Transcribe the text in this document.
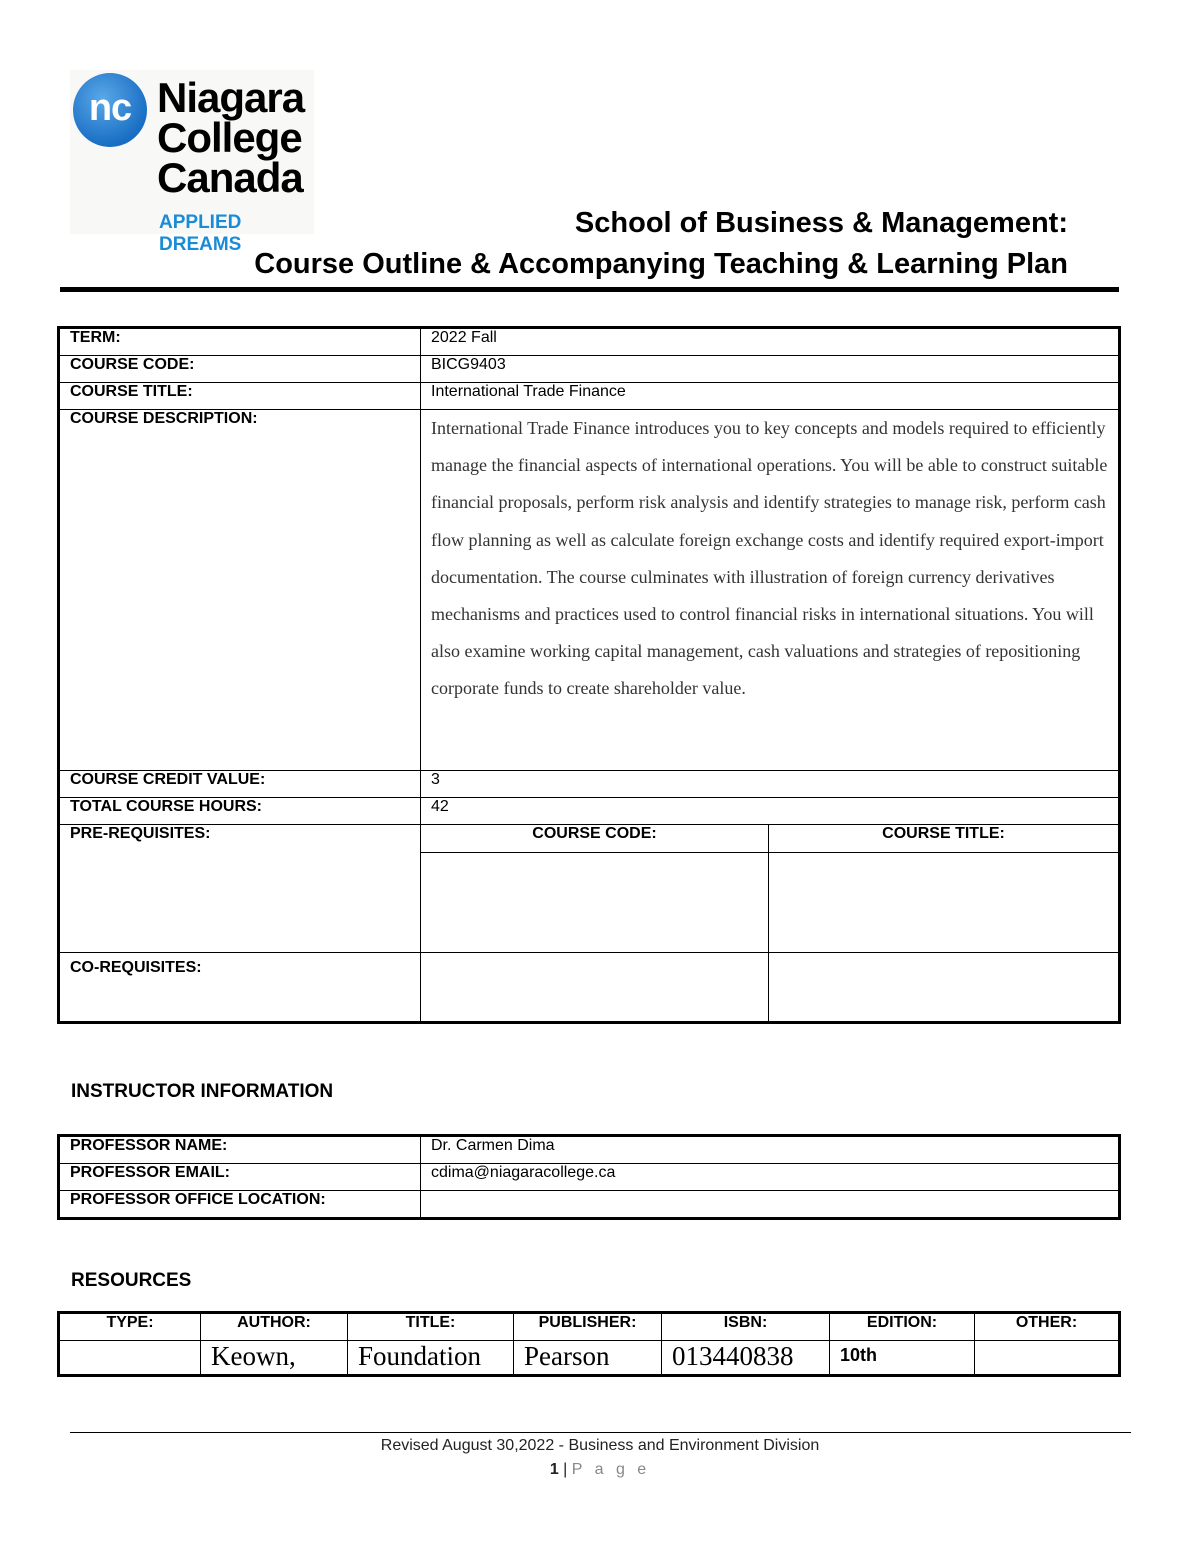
nc Niagara
College
Canada
APPLIED DREAMS
School of Business & Management:
Course Outline & Accompanying Teaching & Learning Plan
TERM:	2022 Fall	
COURSE CODE:	BICG9403	
COURSE TITLE:	International Trade Finance	
COURSE DESCRIPTION:	International Trade Finance introduces you to key concepts and models required to efficiently manage the financial aspects of international operations. You will be able to construct suitable financial proposals, perform risk analysis and identify strategies to manage risk, perform cash flow planning as well as calculate foreign exchange costs and identify required export-import documentation. The course culminates with illustration of foreign currency derivatives mechanisms and practices used to control financial risks in international situations. You will also examine working capital management, cash valuations and strategies of repositioning corporate funds to create shareholder value.	
COURSE CREDIT VALUE:	3	
TOTAL COURSE HOURS:	42	
PRE-REQUISITES:	COURSE CODE:	COURSE TITLE:

CO-REQUISITES:		
INSTRUCTOR INFORMATION
PROFESSOR NAME:	Dr. Carmen Dima
PROFESSOR EMAIL:	cdima@niagaracollege.ca
PROFESSOR OFFICE LOCATION:	
RESOURCES
TYPE:	AUTHOR:	TITLE:	PUBLISHER:	ISBN:	EDITION:	OTHER:
	Keown,	Foundation	Pearson	013440838	10th	
Revised August 30,2022 - Business and Environment Division
1 | P a g e
